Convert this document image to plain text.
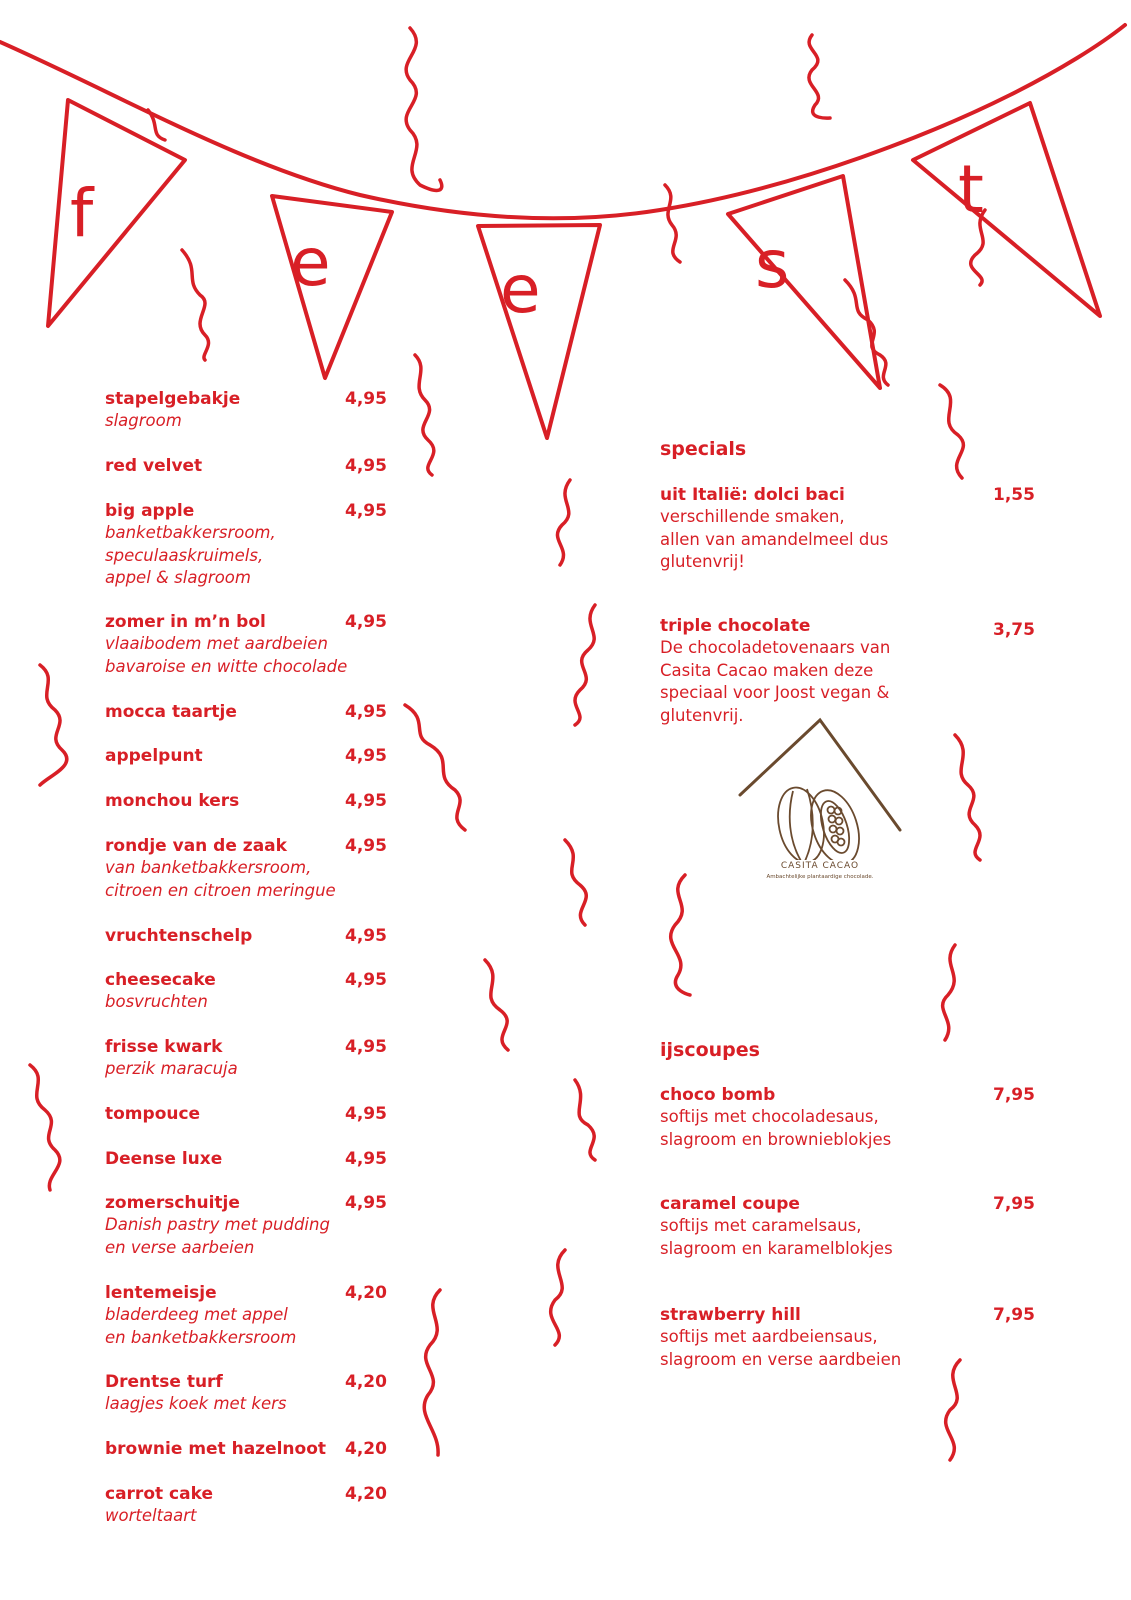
f
e	e	s
t
stapelgebakje
slagroom
4,95
red velvet	4,95
big apple
banketbakkersroom,
speculaaskruimels,
appel & slagroom
4,95
zomer in m’n bol
vlaaibodem met aardbeien
bavaroise en witte chocolade
4,95
mocca taartje	4,95
appelpunt	4,95
monchou kers	4,95
rondje van de zaak
van banketbakkersroom,
citroen en citroen meringue
4,95
vruchtenschelp	4,95
cheesecake
bosvruchten
4,95
frisse kwark
perzik maracuja
4,95
tompouce	4,95
Deense luxe	4,95
zomerschuitje
Danish pastry met pudding
en verse aarbeien
4,95
lentemeisje
bladerdeeg met appel
en banketbakkersroom
4,20
Drentse turf
laagjes koek met kers
4,20
brownie met hazelnoot 4,20
carrot cake
worteltaart
4,20
specials
uit Italië: dolci baci
verschillende smaken,
allen van amandelmeel dus
glutenvrij!
1,55
triple chocolate
De chocoladetovenaars van
Casita Cacao maken deze
speciaal voor Joost vegan &
glutenvrij.
3,75
CASITA CACAO
Ambachtelijke plantaardige chocolade.
ijscoupes
choco bomb
softijs met chocoladesaus,
slagroom en brownieblokjes
7,95
caramel coupe
softijs met caramelsaus,
slagroom en karamelblokjes
7,95
strawberry hill
softijs met aardbeiensaus,
slagroom en verse aardbeien
7,95
